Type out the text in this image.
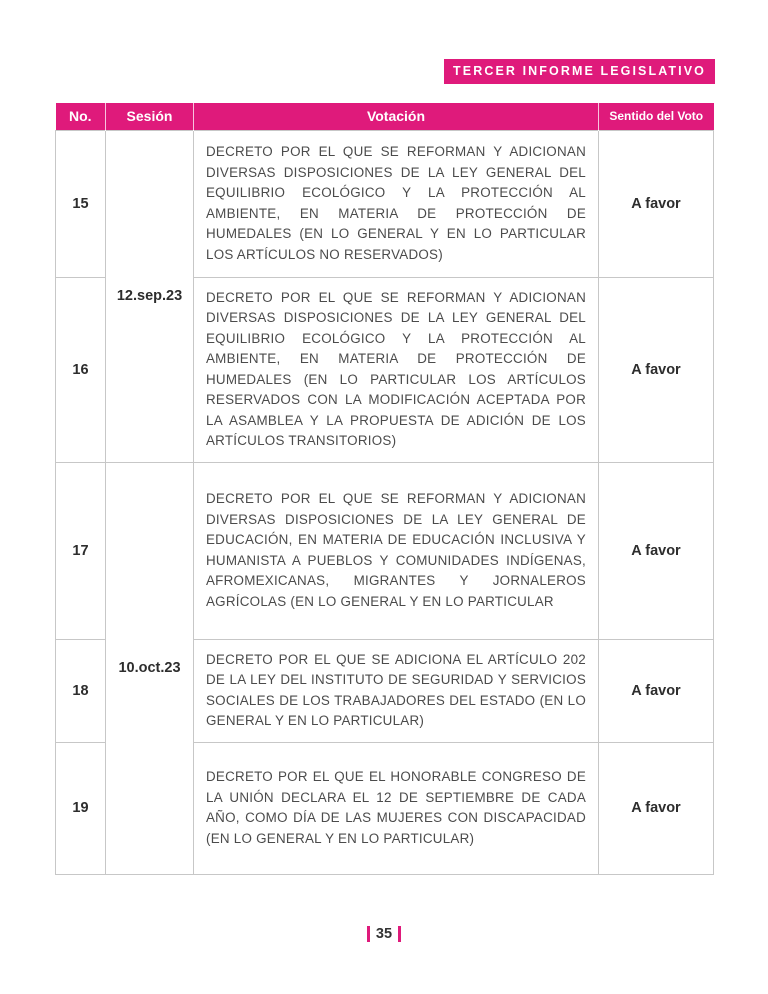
TERCER INFORME LEGISLATIVO
No.	Sesión	Votación	Sentido del Voto
15	12.sep.23	DECRETO POR EL QUE SE REFORMAN Y ADICIONAN DIVERSAS DISPOSICIONES DE LA LEY GENERAL DEL EQUILIBRIO ECOLÓGICO Y LA PROTECCIÓN AL AMBIENTE, EN MATERIA DE PROTECCIÓN DE HUMEDALES (EN LO GENERAL Y EN LO PARTICULAR LOS ARTÍCULOS NO RESERVADOS)	A favor
16		DECRETO POR EL QUE SE REFORMAN Y ADICIONAN DIVERSAS DISPOSICIONES DE LA LEY GENERAL DEL EQUILIBRIO ECOLÓGICO Y LA PROTECCIÓN AL AMBIENTE, EN MATERIA DE PROTECCIÓN DE HUMEDALES (EN LO PARTICULAR LOS ARTÍCULOS RESERVADOS CON LA MODIFICACIÓN ACEPTADA POR LA ASAMBLEA Y LA PROPUESTA DE ADICIÓN DE LOS ARTÍCULOS TRANSITORIOS)	A favor
17	10.oct.23	DECRETO POR EL QUE SE REFORMAN Y ADICIONAN DIVERSAS DISPOSICIONES DE LA LEY GENERAL DE EDUCACIÓN, EN MATERIA DE EDUCACIÓN INCLUSIVA Y HUMANISTA A PUEBLOS Y COMUNIDADES INDÍGENAS, AFROMEXICANAS, MIGRANTES Y JORNALEROS AGRÍCOLAS (EN LO GENERAL Y EN LO PARTICULAR	A favor
18		DECRETO POR EL QUE SE ADICIONA EL ARTÍCULO 202 DE LA LEY DEL INSTITUTO DE SEGURIDAD Y SERVICIOS SOCIALES DE LOS TRABAJADORES DEL ESTADO (EN LO GENERAL Y EN LO PARTICULAR)	A favor
19		DECRETO POR EL QUE EL HONORABLE CONGRESO DE LA UNIÓN DECLARA EL 12 DE SEPTIEMBRE DE CADA AÑO, COMO DÍA DE LAS MUJERES CON DISCAPACIDAD (EN LO GENERAL Y EN LO PARTICULAR)	A favor
35
